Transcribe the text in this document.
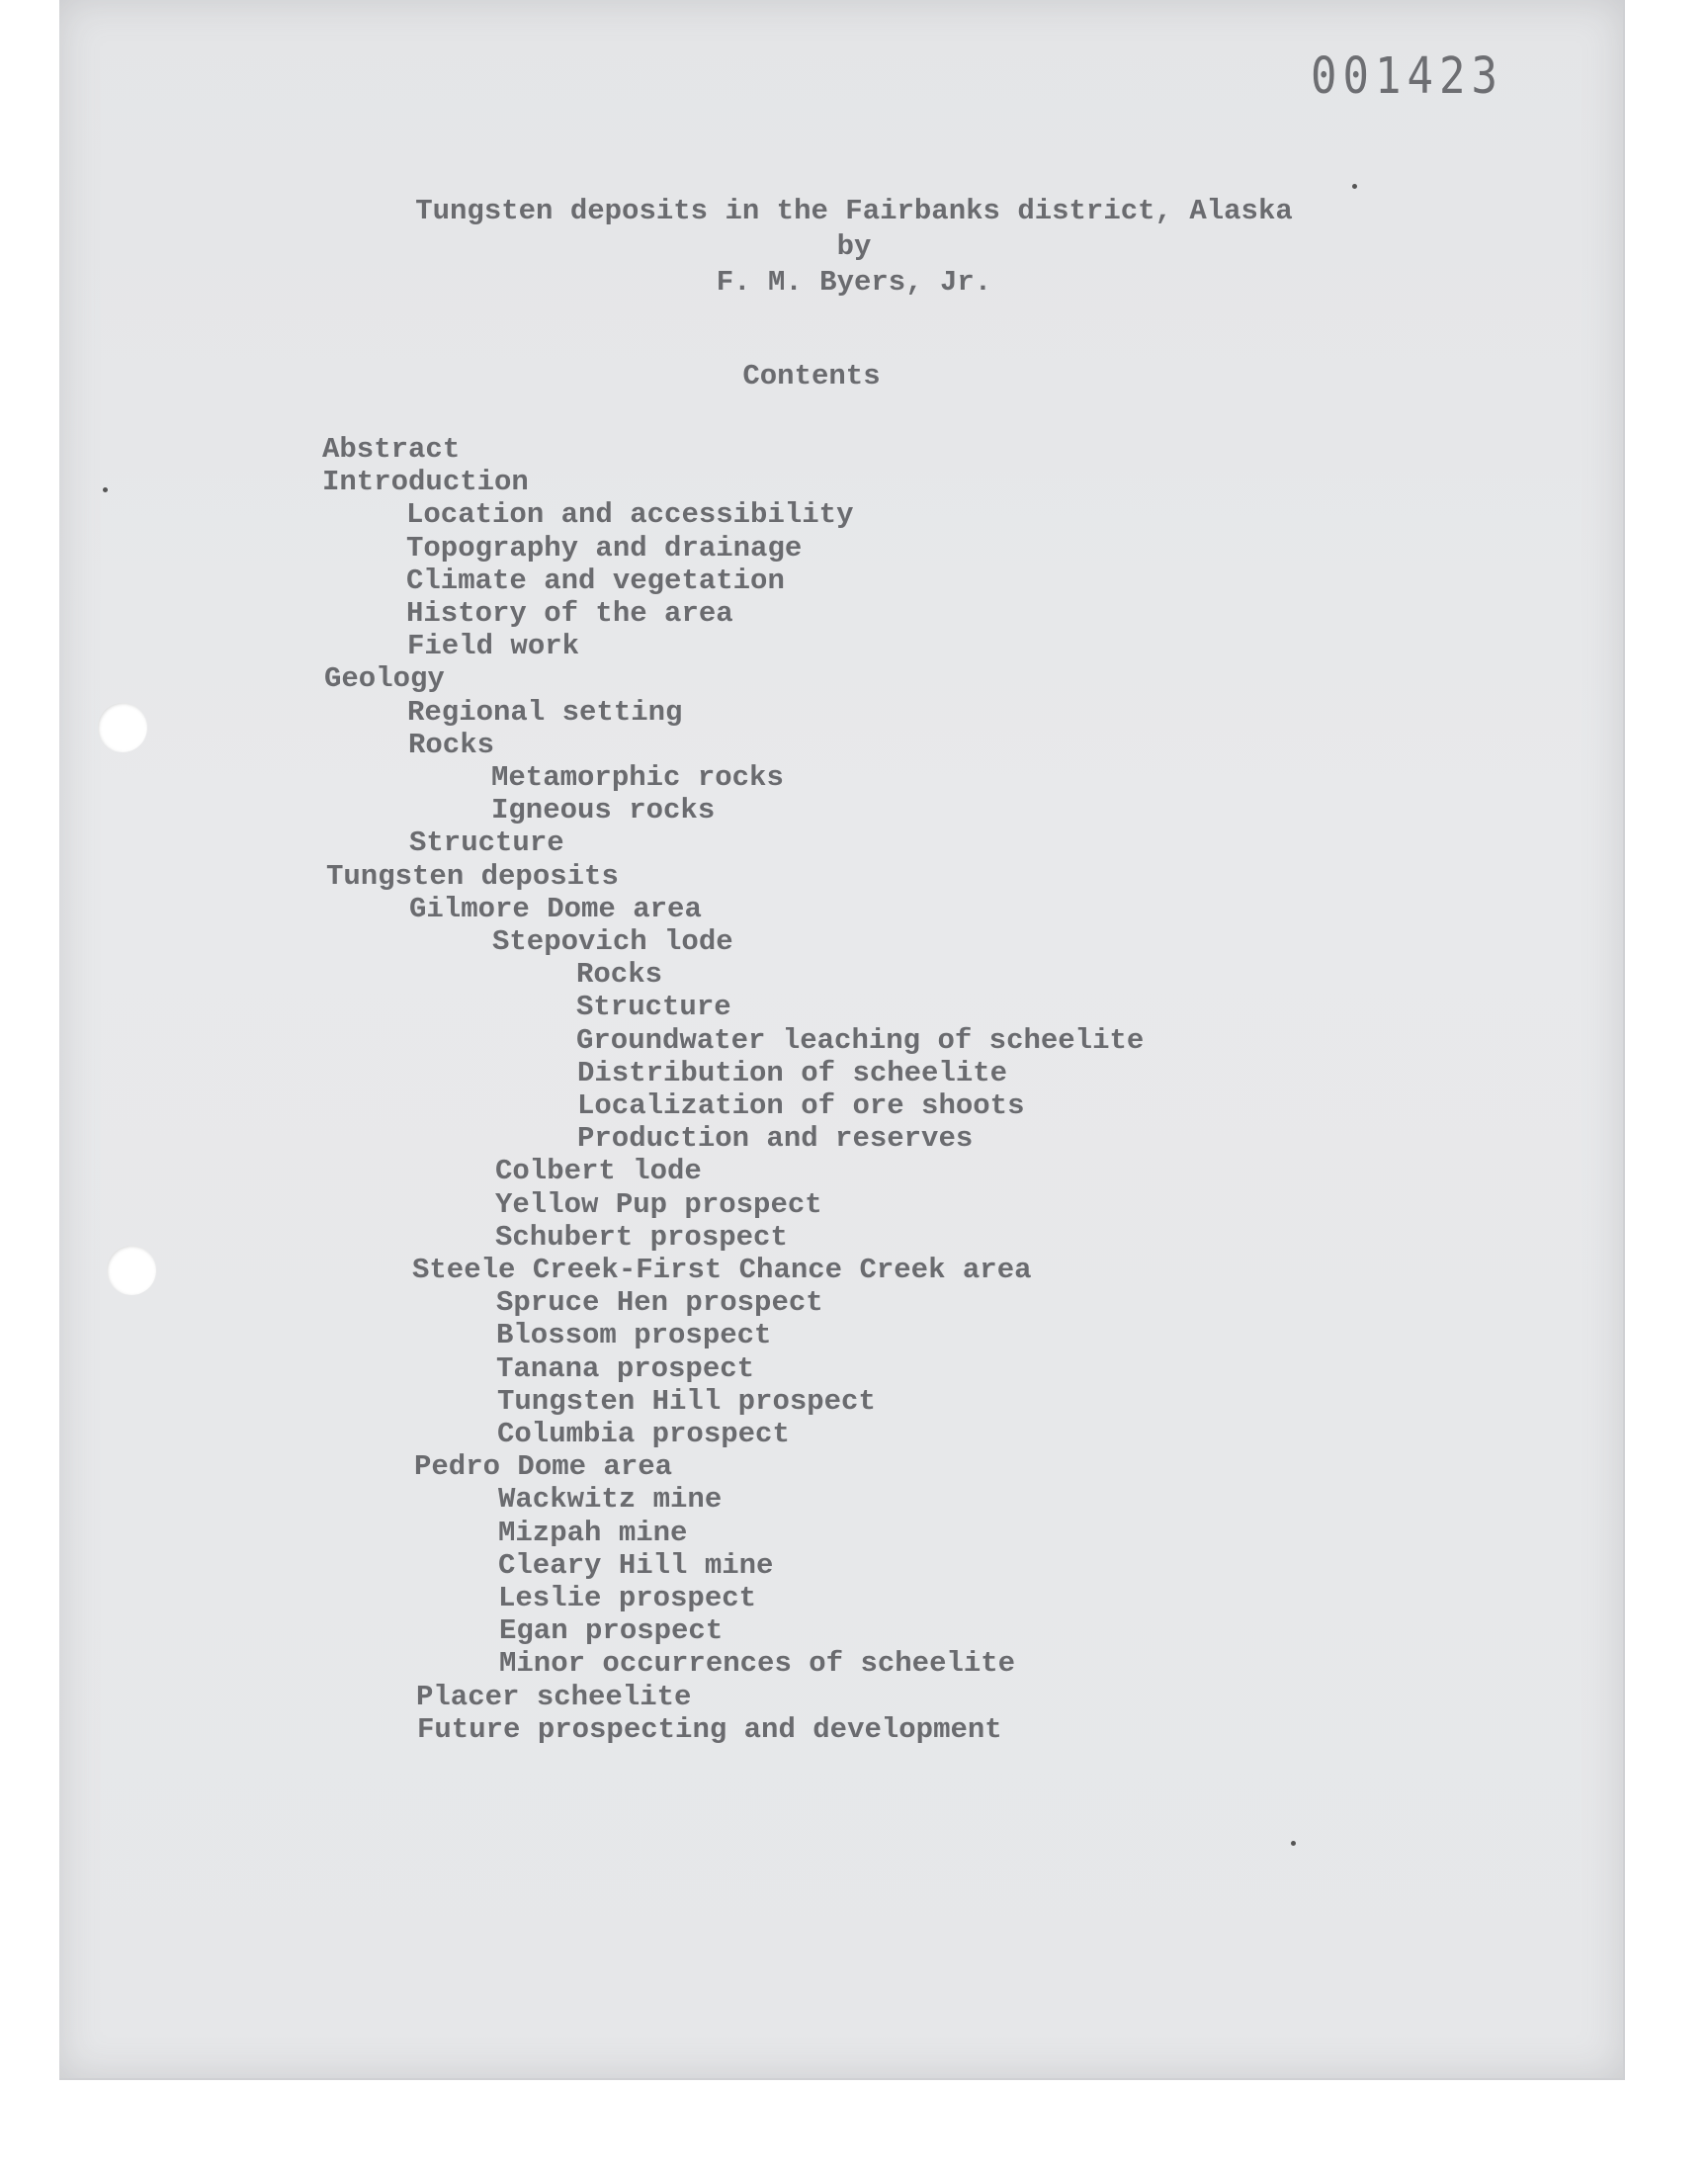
001423
Tungsten deposits in the Fairbanks district, Alaska
by
F. M. Byers, Jr.
Contents
Abstract
Introduction
Location and accessibility
Topography and drainage
Climate and vegetation
History of the area
Field work
Geology
Regional setting
Rocks
Metamorphic rocks
Igneous rocks
Structure
Tungsten deposits
Gilmore Dome area
Stepovich lode
Rocks
Structure
Groundwater leaching of scheelite
Distribution of scheelite
Localization of ore shoots
Production and reserves
Colbert lode
Yellow Pup prospect
Schubert prospect
Steele Creek-First Chance Creek area
Spruce Hen prospect
Blossom prospect
Tanana prospect
Tungsten Hill prospect
Columbia prospect
Pedro Dome area
Wackwitz mine
Mizpah mine
Cleary Hill mine
Leslie prospect
Egan prospect
Minor occurrences of scheelite
Placer scheelite
Future prospecting and development
